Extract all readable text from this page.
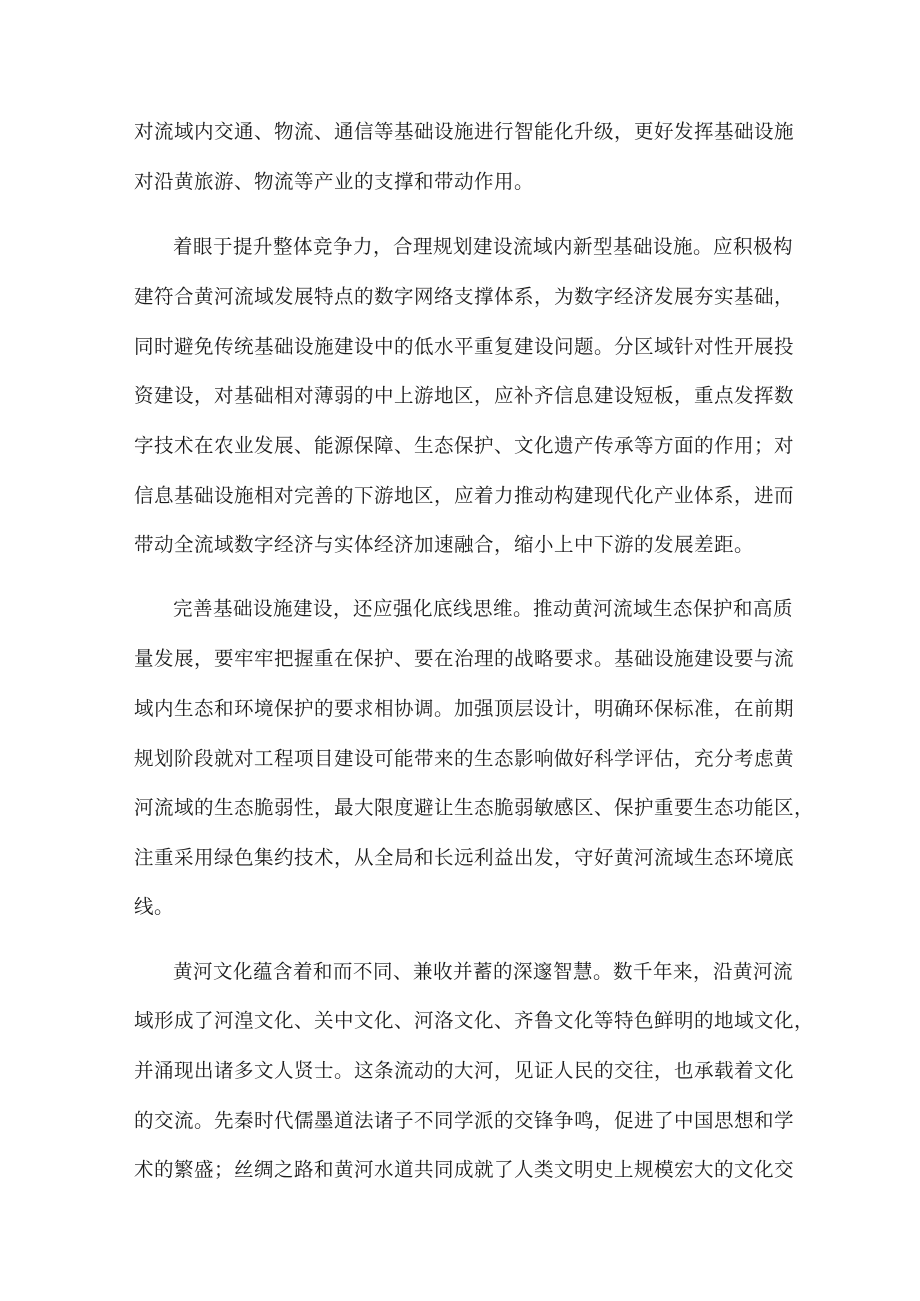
对流域内交通、物流、通信等基础设施进行智能化升级，更好发挥基础设施
对沿黄旅游、物流等产业的支撑和带动作用。
着眼于提升整体竞争力，合理规划建设流域内新型基础设施。应积极构
建符合黄河流域发展特点的数字网络支撑体系，为数字经济发展夯实基础，
同时避免传统基础设施建设中的低水平重复建设问题。分区域针对性开展投
资建设，对基础相对薄弱的中上游地区，应补齐信息建设短板，重点发挥数
字技术在农业发展、能源保障、生态保护、文化遗产传承等方面的作用；对
信息基础设施相对完善的下游地区，应着力推动构建现代化产业体系，进而
带动全流域数字经济与实体经济加速融合，缩小上中下游的发展差距。
完善基础设施建设，还应强化底线思维。推动黄河流域生态保护和高质
量发展，要牢牢把握重在保护、要在治理的战略要求。基础设施建设要与流
域内生态和环境保护的要求相协调。加强顶层设计，明确环保标准，在前期
规划阶段就对工程项目建设可能带来的生态影响做好科学评估，充分考虑黄
河流域的生态脆弱性，最大限度避让生态脆弱敏感区、保护重要生态功能区，
注重采用绿色集约技术，从全局和长远利益出发，守好黄河流域生态环境底
线。
黄河文化蕴含着和而不同、兼收并蓄的深邃智慧。数千年来，沿黄河流
域形成了河湟文化、关中文化、河洛文化、齐鲁文化等特色鲜明的地域文化，
并涌现出诸多文人贤士。这条流动的大河，见证人民的交往，也承载着文化
的交流。先秦时代儒墨道法诸子不同学派的交锋争鸣，促进了中国思想和学
术的繁盛；丝绸之路和黄河水道共同成就了人类文明史上规模宏大的文化交
